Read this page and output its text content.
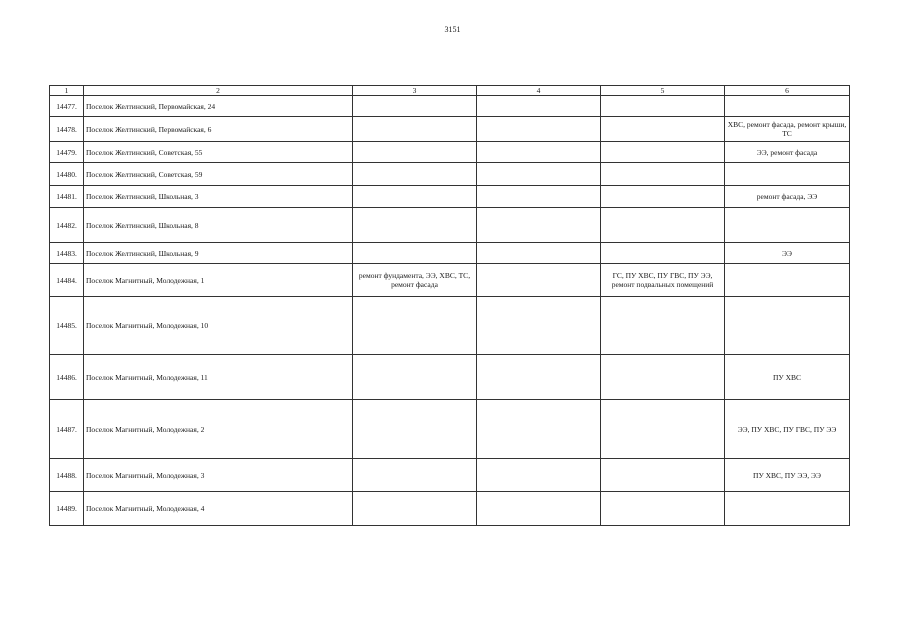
3151
1	2	3	4	5	6
14477.	Поселок Желтинский, Первомайская, 24				
14478.	Поселок Желтинский, Первомайская, 6				ХВС, ремонт фасада, ремонт крыши, ТС
14479.	Поселок Желтинский, Советская, 55				ЭЭ, ремонт фасада
14480.	Поселок Желтинский, Советская, 59				
14481.	Поселок Желтинский, Школьная, 3				ремонт фасада, ЭЭ
14482.	Поселок Желтинский, Школьная, 8				
14483.	Поселок Желтинский, Школьная, 9				ЭЭ
14484.	Поселок Магнитный, Молодежная, 1	ремонт фундамента, ЭЭ, ХВС, ТС, ремонт фасада		ГС, ПУ ХВС, ПУ ГВС, ПУ ЭЭ, ремонт подвальных помещений	
14485.	Поселок Магнитный, Молодежная, 10				
14486.	Поселок Магнитный, Молодежная, 11				ПУ ХВС
14487.	Поселок Магнитный, Молодежная, 2				ЭЭ, ПУ ХВС, ПУ ГВС, ПУ ЭЭ
14488.	Поселок Магнитный, Молодежная, 3				ПУ ХВС, ПУ ЭЭ, ЭЭ
14489.	Поселок Магнитный, Молодежная, 4				
